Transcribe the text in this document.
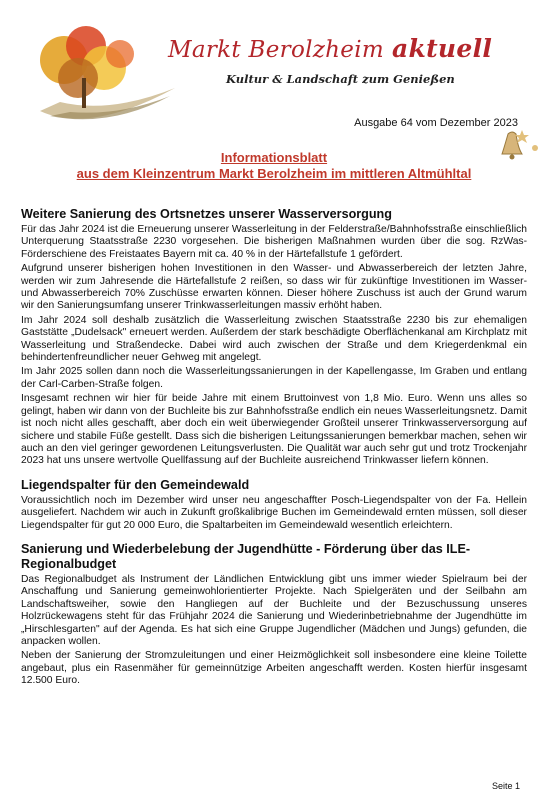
Markt Berolzheim aktuell
Kultur & Landschaft zum Genießen
Ausgabe 64 vom Dezember 2023
Informationsblatt
aus dem Kleinzentrum Markt Berolzheim im mittleren Altmühltal
Weitere Sanierung des Ortsnetzes unserer Wasserversorgung

Für das Jahr 2024 ist die Erneuerung unserer Wasserleitung in der Felderstraße/Bahnhofsstraße einschließlich Unterquerung Staatsstraße 2230 vorgesehen. Die bisherigen Maßnahmen wurden über die sog. RzWas-Förderschiene des Freistaates Bayern mit ca. 40 % in der Härtefallstufe 1 gefördert.

Aufgrund unserer bisherigen hohen Investitionen in den Wasser- und Abwasserbereich der letzten Jahre, werden wir zum Jahresende die Härtefallstufe 2 reißen, so dass wir für zukünftige Investitionen im Wasser- und Abwasserbereich 70% Zuschüsse erwarten können. Dieser höhere Zuschuss ist auch der Grund warum wir den Sanierungsumfang unserer Trinkwasserleitungen massiv erhöht haben.

Im Jahr 2024 soll deshalb zusätzlich die Wasserleitung zwischen Staatsstraße 2230 bis zur ehemaligen Gaststätte „Dudelsack" erneuert werden. Außerdem der stark beschädigte Oberflächenkanal am Kirchplatz mit Wasserleitung und Straßendecke. Dabei wird auch zwischen der Straße und dem Kriegerdenkmal ein behindertenfreundlicher neuer Gehweg mit angelegt.

Im Jahr 2025 sollen dann noch die Wasserleitungssanierungen in der Kapellengasse, Im Graben und entlang der Carl-Carben-Straße folgen.

Insgesamt rechnen wir hier für beide Jahre mit einem Bruttoinvest von 1,8 Mio. Euro. Wenn uns alles so gelingt, haben wir dann von der Buchleite bis zur Bahnhofsstraße endlich ein neues Wasserleitungsnetz. Damit ist noch nicht alles geschafft, aber doch ein weit überwiegender Großteil unserer Trinkwasserversorgung auf sichere und stabile Füße gestellt. Dass sich die bisherigen Leitungssanierungen bemerkbar machen, sehen wir auch an den viel geringer gewordenen Leitungsverlusten. Die Qualität war auch sehr gut und trotz Trockenjahr 2023 hat uns unsere wertvolle Quellfassung auf der Buchleite ausreichend Trinkwasser liefern können.

Liegendspalter für den Gemeindewald

Voraussichtlich noch im Dezember wird unser neu angeschaffter Posch-Liegendspalter von der Fa. Hellein ausgeliefert. Nachdem wir auch in Zukunft großkalibrige Buchen im Gemeindewald ernten müssen, soll dieser Liegendspalter für gut 20 000 Euro, die Spaltarbeiten im Gemeindewald wesentlich erleichtern.

Sanierung und Wiederbelebung der Jugendhütte - Förderung über das ILE-Regionalbudget

Das Regionalbudget als Instrument der Ländlichen Entwicklung gibt uns immer wieder Spielraum bei der Anschaffung und Sanierung gemeinwohlorientierter Projekte. Nach Spielgeräten und der Seilbahn am Landschaftsweiher, sowie den Hangliegen auf der Buchleite und der Bezuschussung unseres Holzrückewagens steht für das Frühjahr 2024 die Sanierung und Wiederinbetriebnahme der Jugendhütte im „Hirschlesgarten" auf der Agenda. Es hat sich eine Gruppe Jugendlicher (Mädchen und Jungs) gefunden, die anpacken wollen.

Neben der Sanierung der Stromzuleitungen und einer Heizmöglichkeit soll insbesondere eine kleine Toilette angebaut, plus ein Rasenmäher für gemeinnützige Arbeiten angeschafft werden. Kosten hierfür insgesamt 12.500 Euro.

Seite 1
